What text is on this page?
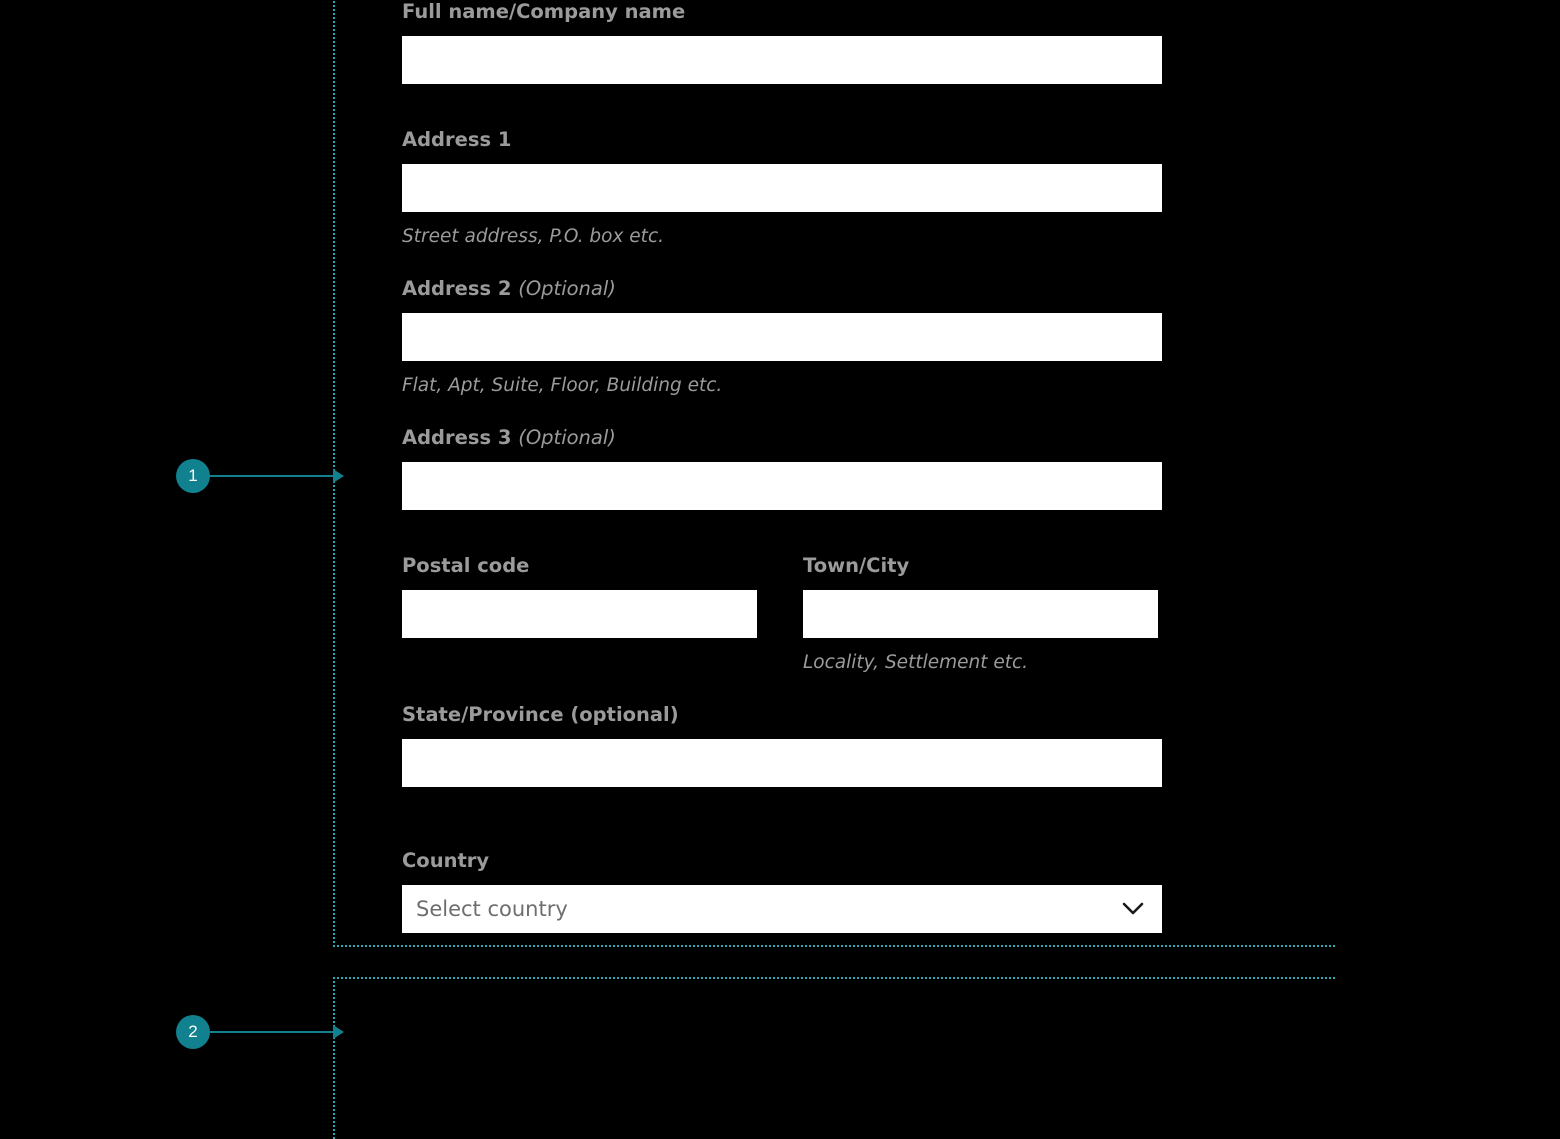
1
2
Full name/Company name
Address 1
Street address, P.O. box etc.
Address 2 (Optional)
Flat, Apt, Suite, Floor, Building etc.
Address 3 (Optional)
Postal code	Town/City
Locality, Settlement etc.
State/Province (optional)
Country
Select country
